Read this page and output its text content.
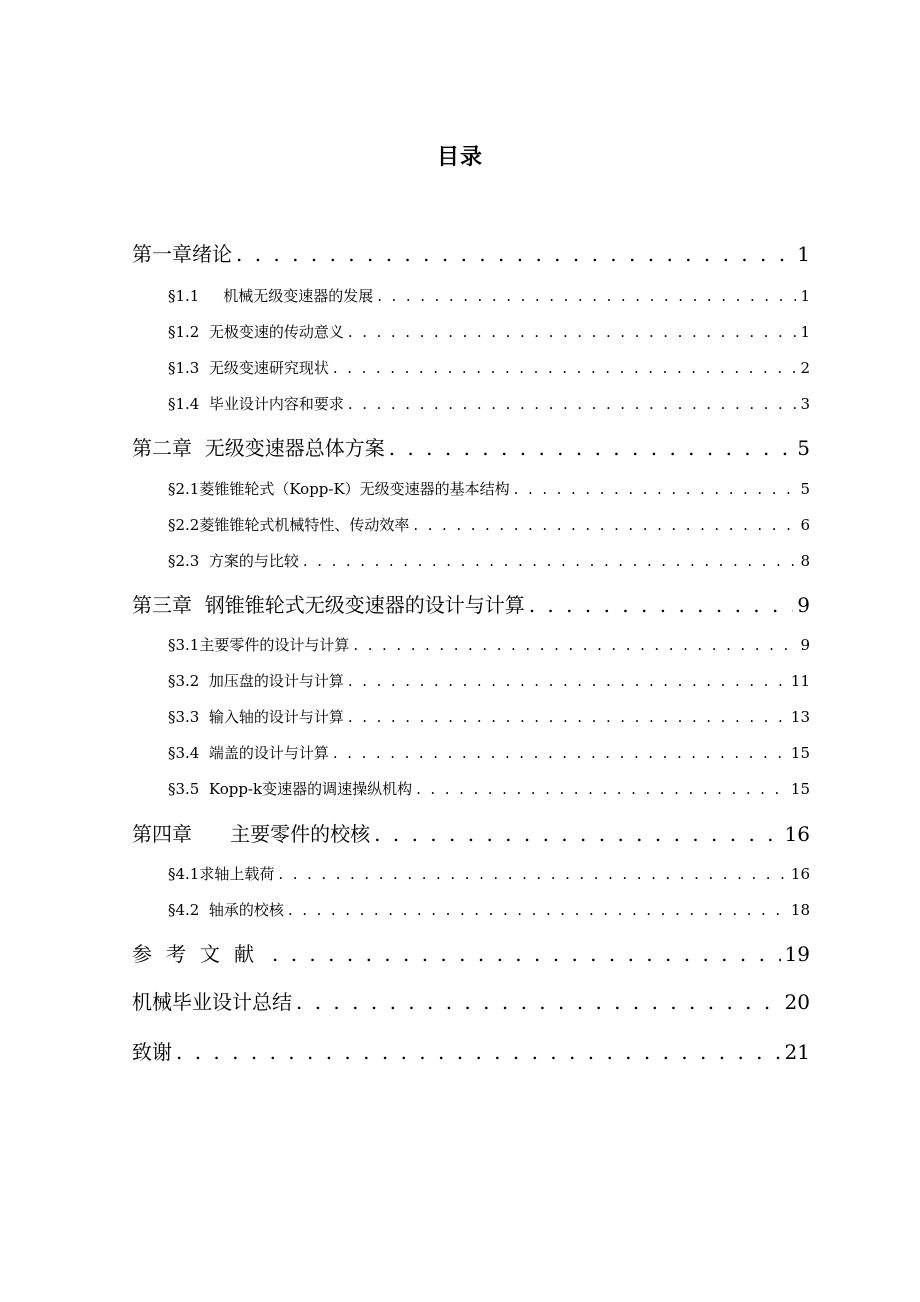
目录
第一章绪论 . . .	1
§1.1     机械无级变速器的发展 . . .	1
§1.2  无极变速的传动意义 . . .	1
§1.3  无级变速研究现状 . . .	2
§1.4  毕业设计内容和要求 . . .	3
第二章  无级变速器总体方案 . . .	5
§2.1菱锥锥轮式（Kopp-K）无级变速器的基本结构 . . .	5
§2.2菱锥锥轮式机械特性、传动效率 . . .	6
§2.3  方案的与比较 . . .	8
第三章  钢锥锥轮式无级变速器的设计与计算 . . .	9
§3.1主要零件的设计与计算 . . .	9
§3.2  加压盘的设计与计算 . . .	11
§3.3  输入轴的设计与计算 . . .	13
§3.4  端盖的设计与计算 . . .	15
§3.5  Kopp-k变速器的调速操纵机构 . . .	15
第四章      主要零件的校核 . . .	16
§4.1求轴上载荷 . . .	16
§4.2  轴承的校核 . . .	18
参考文献 . . .	19
机械毕业设计总结 . . .	20
致谢 . . .	21
